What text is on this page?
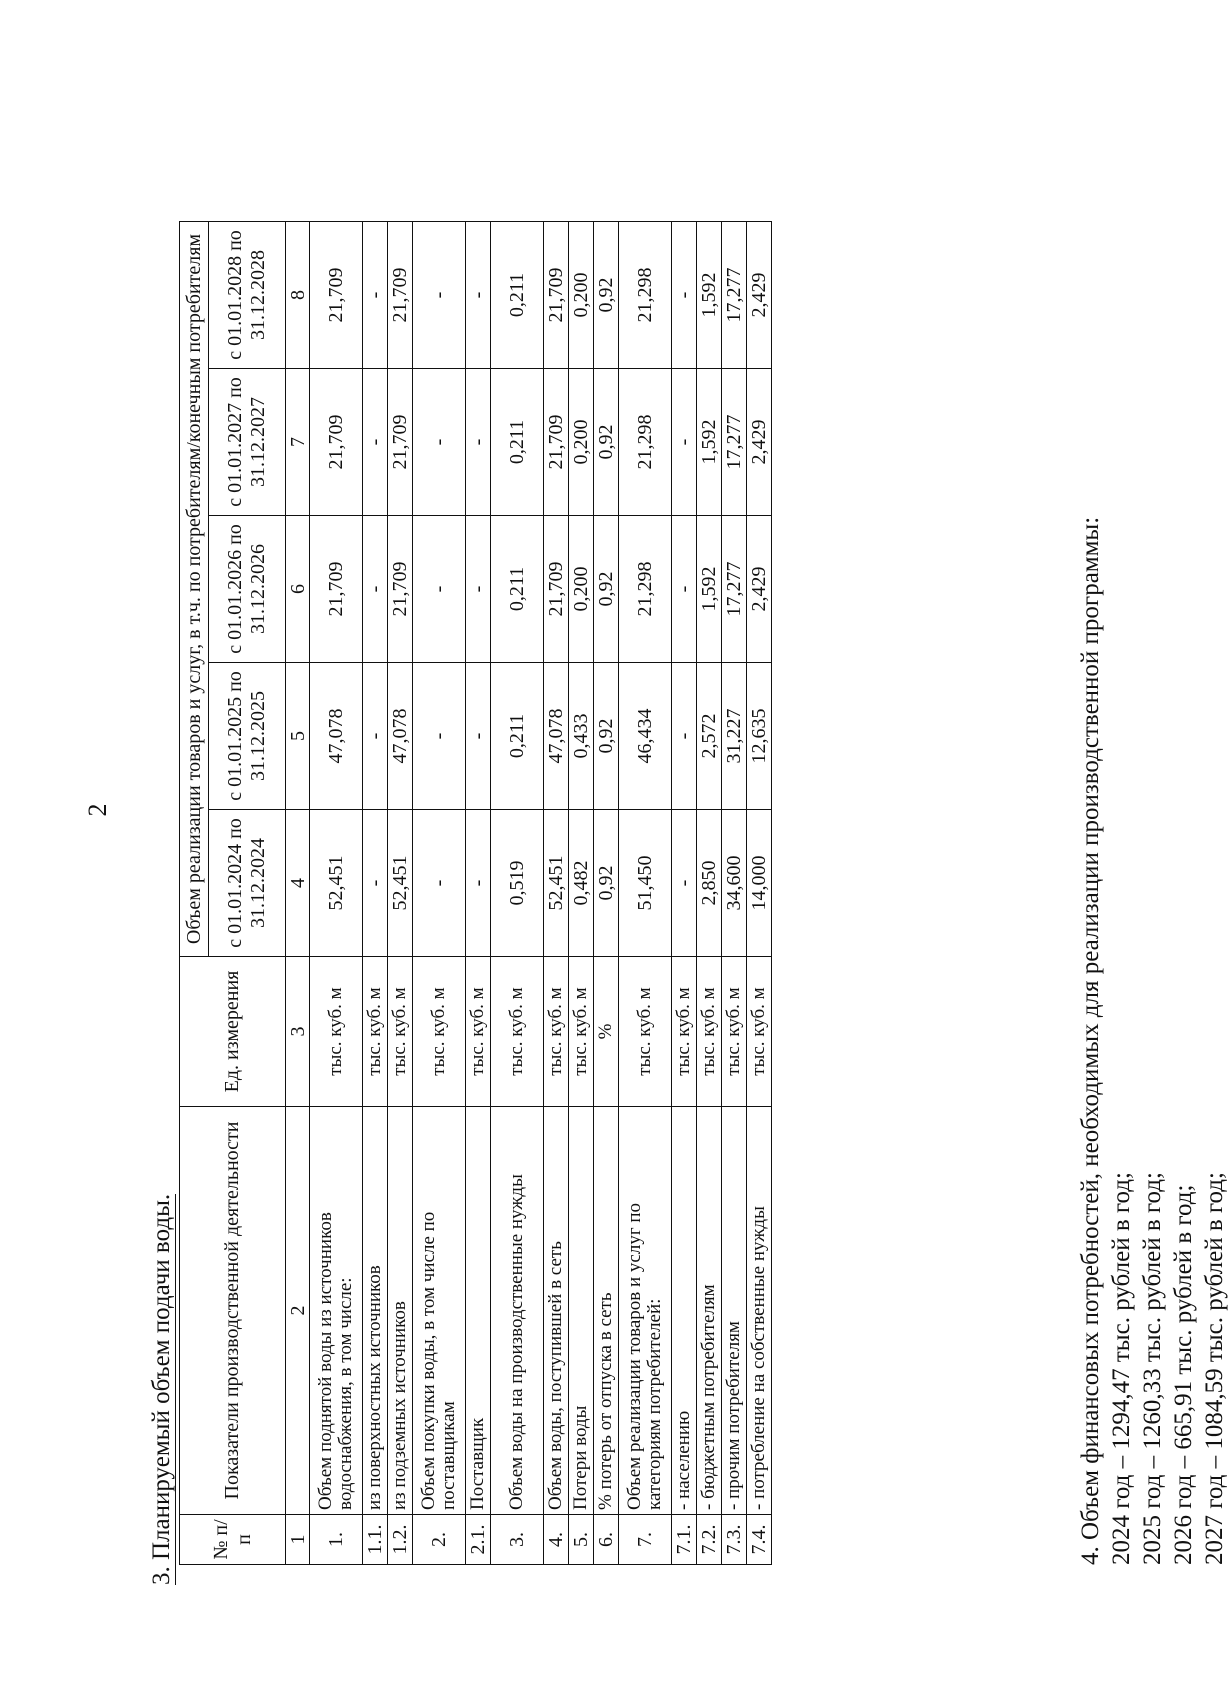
2
3. Планируемый объем подачи воды. № п/п	Показатели производственной деятельности	Ед. измерения	Объем реализации товаров и услуг, в т.ч. по потребителям/конечным потребителям				
			с 01.01.2024 по 31.12.2024	с 01.01.2025 по 31.12.2025	с 01.01.2026 по 31.12.2026	с 01.01.2027 по 31.12.2027	с 01.01.2028 по 31.12.2028
1	2	3	4	5	6	7	8
1.	Объем поднятой воды из источников водоснабжения, в том числе:	тыс. куб. м	52,451	47,078	21,709	21,709	21,709
1.1.	из поверхностных источников	тыс. куб. м	-	-	-	-	-
1.2.	из подземных источников	тыс. куб. м	52,451	47,078	21,709	21,709	21,709
2.	Объем покупки воды, в том числе по поставщикам	тыс. куб. м	-	-	-	-	-
2.1.	Поставщик	тыс. куб. м	-	-	-	-	-
3.	Объем воды на производственные нужды	тыс. куб. м	0,519	0,211	0,211	0,211	0,211
4.	Объем воды, поступившей в сеть	тыс. куб. м	52,451	47,078	21,709	21,709	21,709
5.	Потери воды	тыс. куб. м	0,482	0,433	0,200	0,200	0,200
6.	% потерь от отпуска в сеть	%	0,92	0,92	0,92	0,92	0,92
7.	Объем реализации товаров и услуг по категориям потребителей:	тыс. куб. м	51,450	46,434	21,298	21,298	21,298
7.1.	- населению	тыс. куб. м	-	-	-	-	-
7.2.	- бюджетным потребителям	тыс. куб. м	2,850	2,572	1,592	1,592	1,592
7.3.	- прочим потребителям	тыс. куб. м	34,600	31,227	17,277	17,277	17,277
7.4.	- потребление на собственные нужды	тыс. куб. м	14,000	12,635	2,429	2,429	2,429
4. Объем финансовых потребностей, необходимых для реализации производственной программы: 2024 год – 1294,47 тыс. рублей в год; 2025 год – 1260,33 тыс. рублей в год; 2026 год – 665,91 тыс. рублей в год; 2027 год – 1084,59 тыс. рублей в год;
